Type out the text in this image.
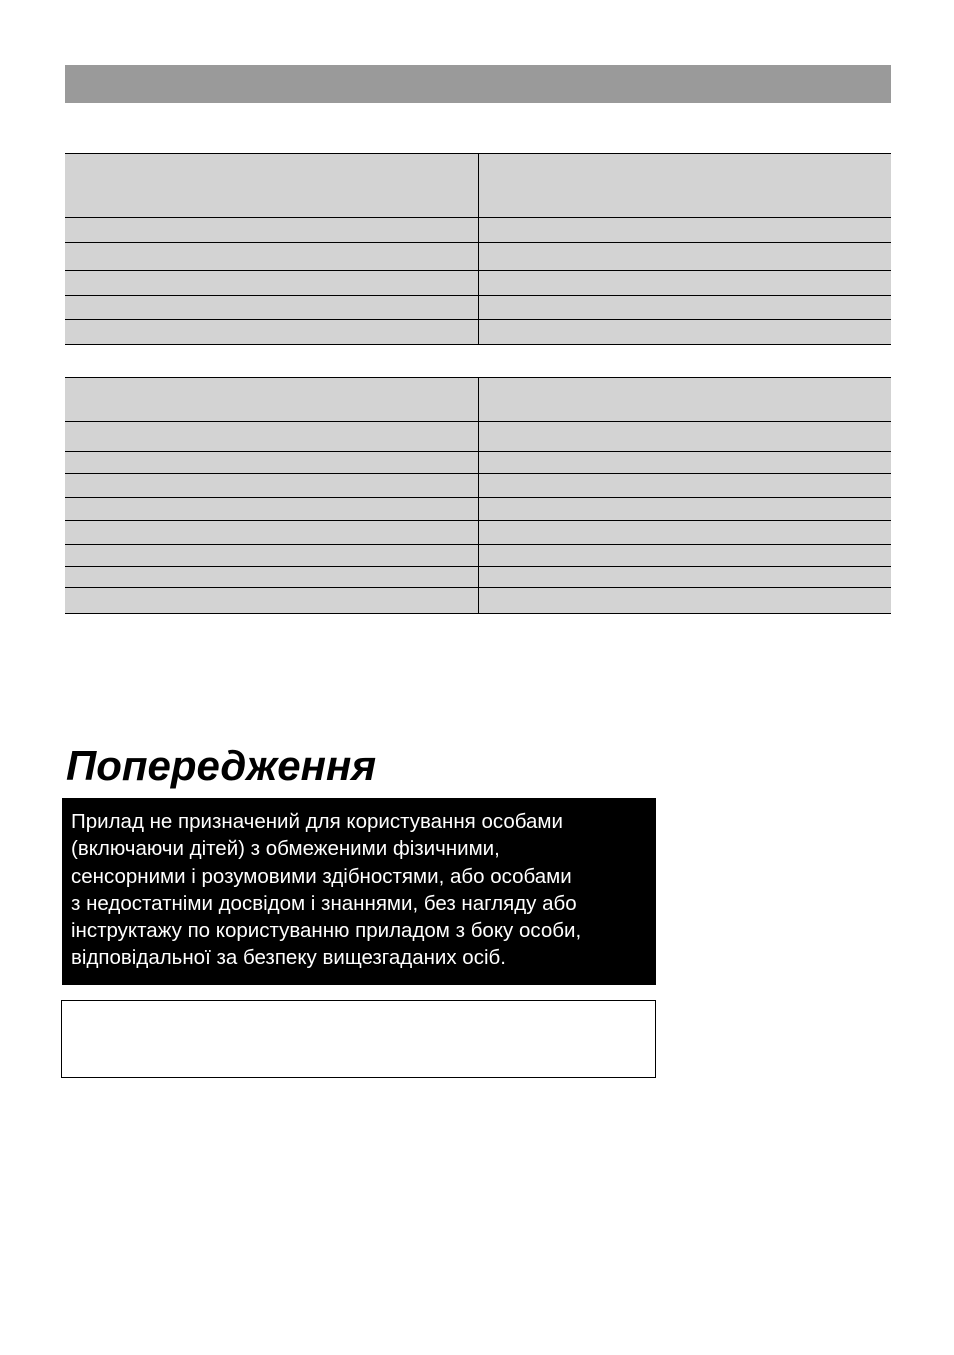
Попередження

Прилад не призначений для користування особами
(включаючи дітей) з обмеженими фізичними,
сенсорними і розумовими здібностями, або особами
з недостатніми досвідом і знаннями, без нагляду або
інструктажу по користуванню приладом з боку особи,
відповідальної за безпеку вищезгаданих осіб.
